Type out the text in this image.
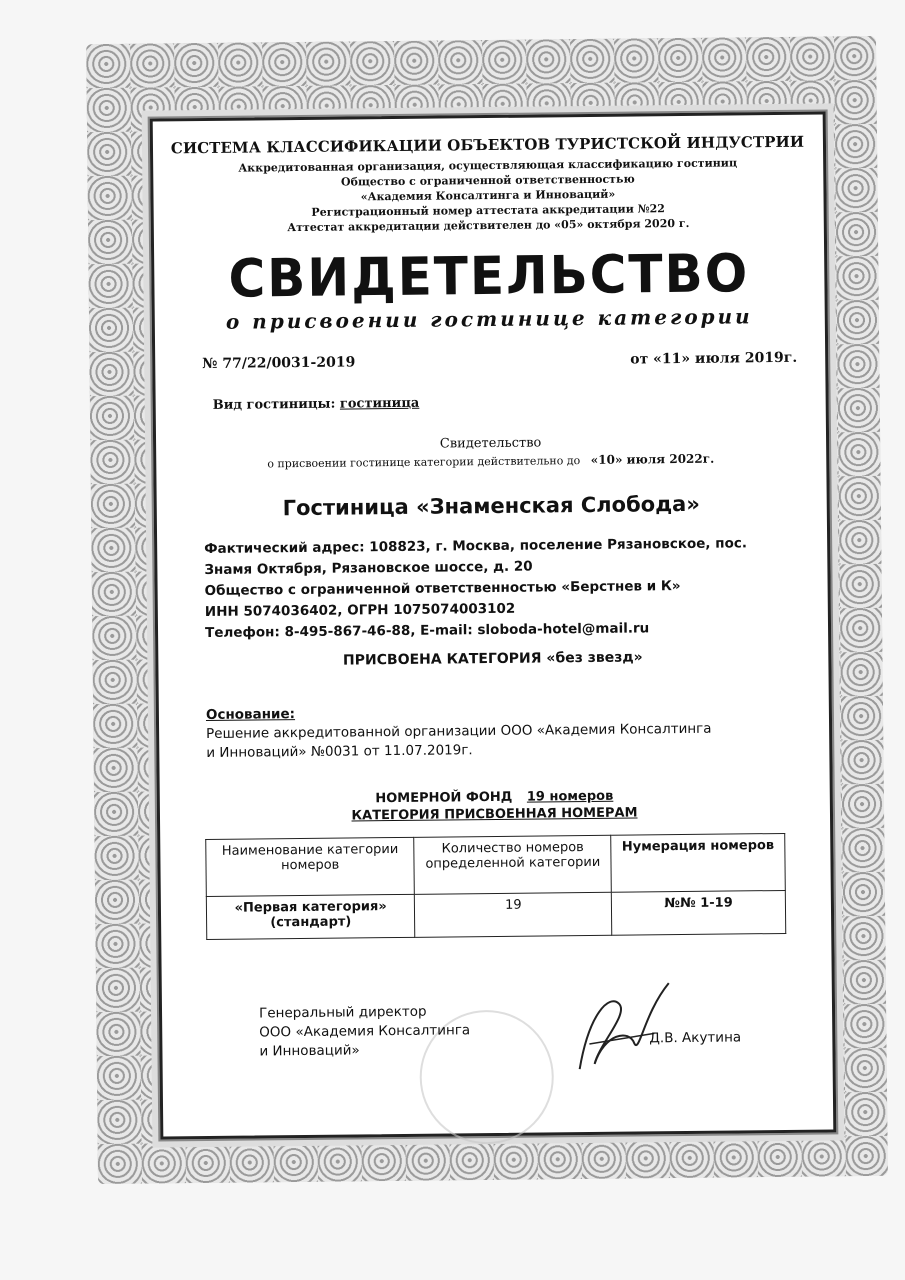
СИСТЕМА КЛАССИФИКАЦИИ ОБЪЕКТОВ ТУРИСТСКОЙ ИНДУСТРИИ
Аккредитованная организация, осуществляющая классификацию гостиниц
Общество с ограниченной ответственностью
«Академия Консалтинга и Инноваций»
Регистрационный номер аттестата аккредитации №22
Аттестат аккредитации действителен до «05» октября 2020 г.
СВИДЕТЕЛЬСТВО
о присвоении гостинице категории
№ 77/22/0031-2019	от «11» июля 2019г.
Вид гостиницы: гостиница
Свидетельство
о присвоении гостинице категории действительно до «10» июля 2022г.
Гостиница «Знаменская Слобода»
Фактический адрес: 108823, г. Москва, поселение Рязановское, пос.
Знамя Октября, Рязановское шоссе, д. 20
Общество с ограниченной ответственностью «Берстнев и К»
ИНН 5074036402, ОГРН 1075074003102
Телефон: 8-495-867-46-88, E-mail: sloboda-hotel@mail.ru
ПРИСВОЕНА КАТЕГОРИЯ «без звезд»
Основание:
Решение аккредитованной организации ООО «Академия Консалтинга
и Инноваций» №0031 от 11.07.2019г.
НОМЕРНОЙ ФОНД 19 номеров
КАТЕГОРИЯ ПРИСВОЕННАЯ НОМЕРАМ
Наименование категории номеров	Количество номеров определенной категории	Нумерация номеров
«Первая категория» (стандарт)	19	№№ 1-19
Генеральный директор
ООО «Академия Консалтинга
и Инноваций»
Д.В. Акутина
